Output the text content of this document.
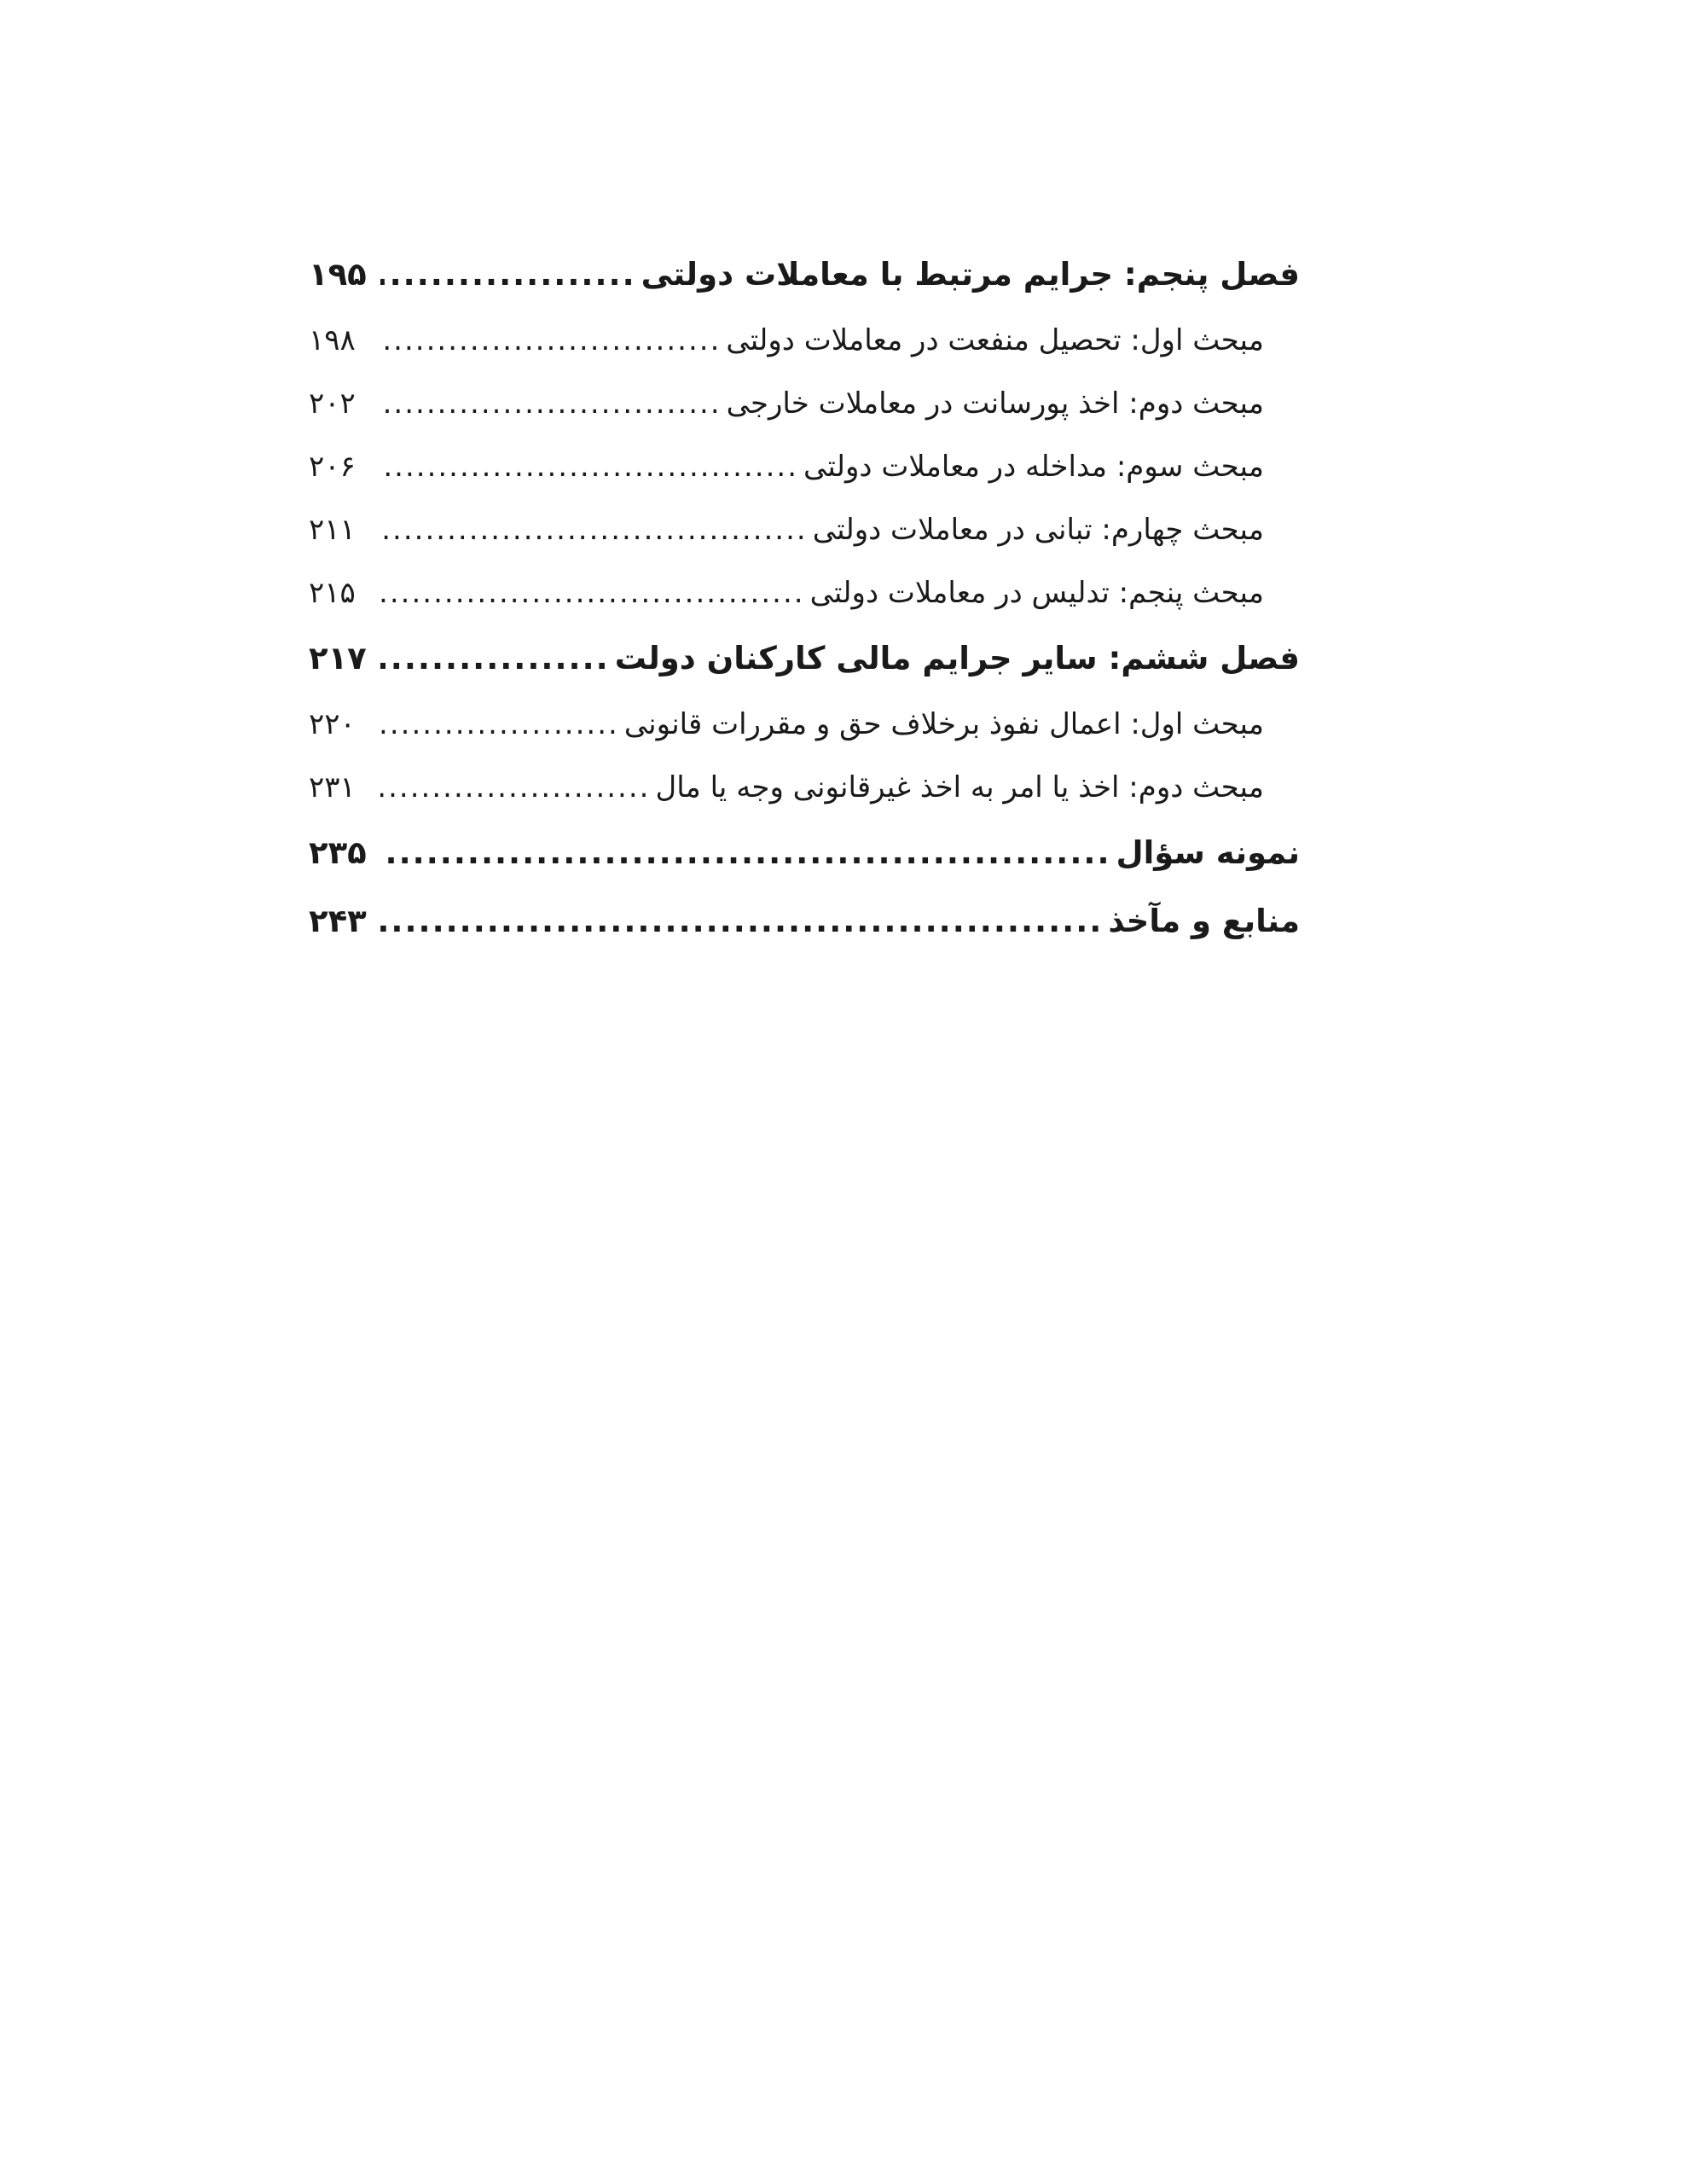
فصل پنجم: جرایم مرتبط با معاملات دولتی
.....
۱۹۵
مبحث اول: تحصیل منفعت در معاملات دولتی
.....
۱۹۸
مبحث دوم: اخذ پورسانت در معاملات خارجی
.....
۲۰۲
مبحث سوم: مداخله در معاملات دولتی
.....
۲۰۶
مبحث چهارم: تبانی در معاملات دولتی
.....
۲۱۱
مبحث پنجم: تدلیس در معاملات دولتی
.....
۲۱۵
فصل ششم: سایر جرایم مالی کارکنان دولت
.....
۲۱۷
مبحث اول: اعمال نفوذ برخلاف حق و مقررات قانونی
.....
۲۲۰
مبحث دوم: اخذ یا امر به اخذ غیرقانونی وجه یا مال
.....
۲۳۱
نمونه سؤال
.....
۲۳۵
منابع و مآخذ
.....
۲۴۳
